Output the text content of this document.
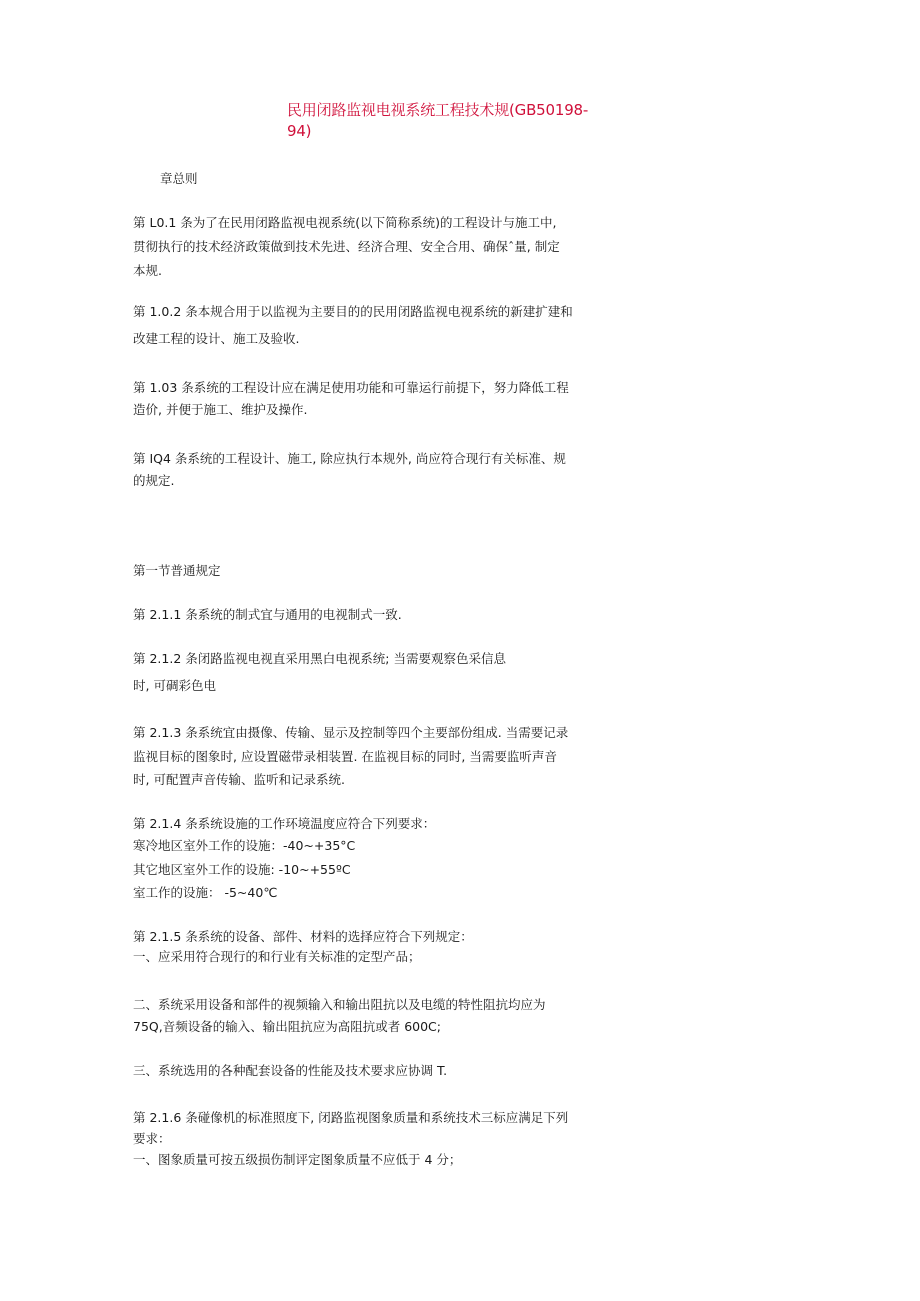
民用闭路监视电视系统工程技术规(GB50198-
94)
章总则
第 L0.1 条为了在民用闭路监视电视系统(以下简称系统)的工程设计与施工中,
贯彻执行的技术经济政策做到技术先进、经济合理、安全合用、确保ˆ量, 制定
本规.
第 1.0.2 条本规合用于以监视为主要目的的民用闭路监视电视系统的新建扩建和
改建工程的设计、施工及验收.
第 1.03 条系统的工程设计应在满足使用功能和可靠运行前提下，努力降低工程
造价, 并便于施工、维护及操作.
第 IQ4 条系统的工程设计、施工, 除应执行本规外, 尚应符合现行有关标准、规
的规定.
第一节普通规定
第 2.1.1 条系统的制式宜与通用的电视制式一致.
第 2.1.2 条闭路监视电视直采用黑白电视系统; 当需要观察色采信息
时, 可碉彩色电
第 2.1.3 条系统宜由摄像、传输、显示及控制等四个主要部份组成. 当需要记录
监视目标的图象时, 应设置磁带录相装置. 在监视目标的同时, 当需要监听声音
时, 可配置声音传输、监听和记录系统.
第 2.1.4 条系统设施的工作环境温度应符合下列要求：
寒冷地区室外工作的设施：-40~+35°C
其它地区室外工作的设施: -10~+55ºC
室工作的设施： -5~40℃
第 2.1.5 条系统的设备、部件、材料的选择应符合下列规定：
一、应采用符合现行的和行业有关标准的定型产品；
二、系统采用设备和部件的视频输入和输出阻抗以及电缆的特性阻抗均应为
75Q,音频设备的输入、输出阻抗应为高阻抗或者 600C;
三、系统选用的各种配套设备的性能及技术要求应协调 T.
第 2.1.6 条碰像机的标准照度下, 闭路监视图象质量和系统技术三标应满足下列
要求：
一、图象质量可按五级损伤制评定图象质量不应低于 4 分；
